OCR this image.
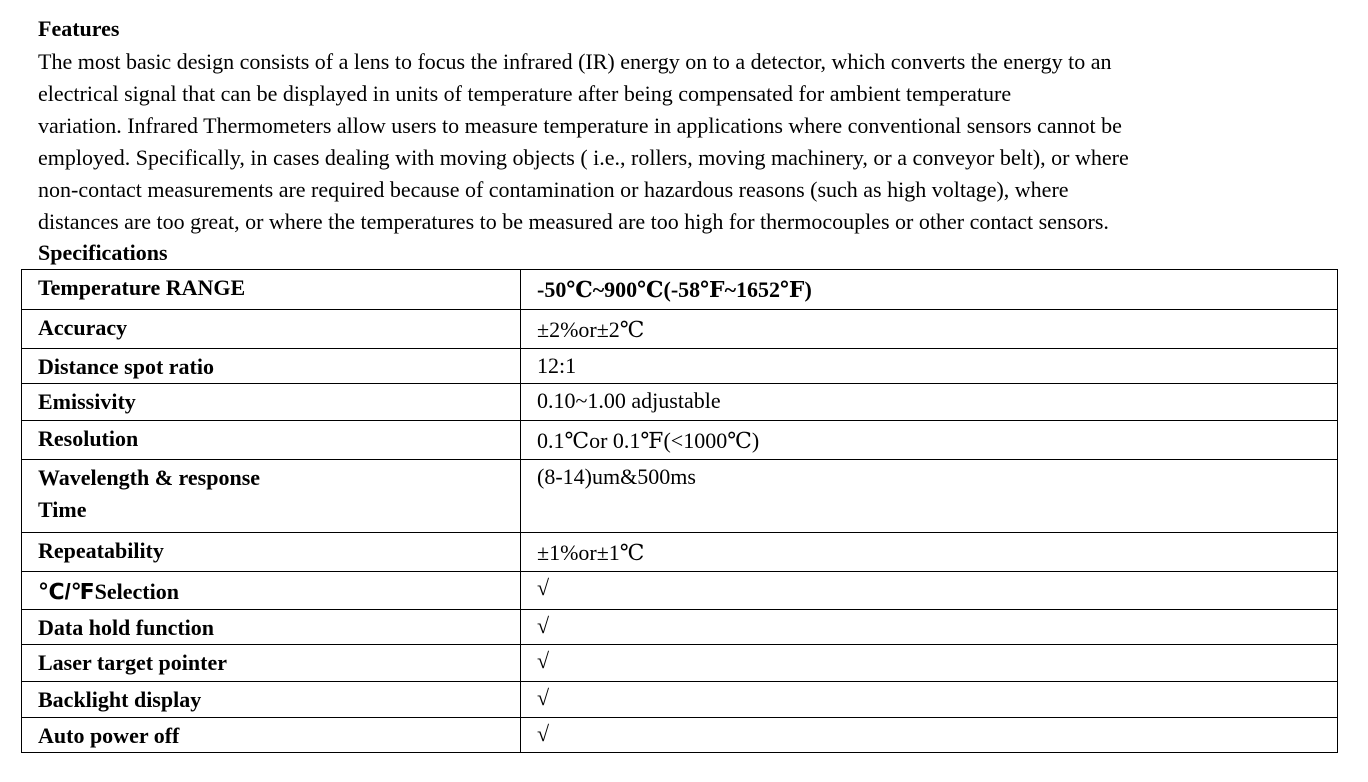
Features
The most basic design consists of a lens to focus the infrared (IR) energy on to a detector, which converts the energy to an
electrical signal that can be displayed in units of temperature after being compensated for ambient temperature
variation. Infrared Thermometers allow users to measure temperature in applications where conventional sensors cannot be
employed. Specifically, in cases dealing with moving objects ( i.e., rollers, moving machinery, or a conveyor belt), or where
non-contact measurements are required because of contamination or hazardous reasons (such as high voltage), where
distances are too great, or where the temperatures to be measured are too high for thermocouples or other contact sensors.
Specifications
Temperature RANGE	-50℃~900℃(-58℉~1652℉)
Accuracy	±2%or±2℃
Distance spot ratio	12:1
Emissivity	0.10~1.00 adjustable
Resolution	0.1℃or 0.1℉(<1000℃)

Wavelength & response
Time	(8-14)um&500ms
Repeatability	±1%or±1℃
℃/℉Selection	√
Data hold function	√
Laser target pointer	√
Backlight display	√
Auto power off	√
